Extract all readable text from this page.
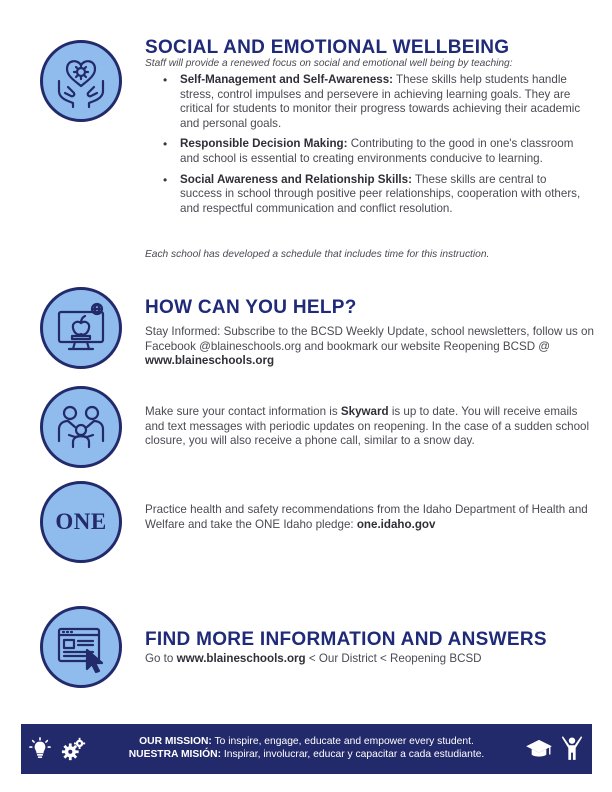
SOCIAL AND EMOTIONAL WELLBEING
Staff will provide a renewed focus on social and emotional well being by teaching:
• Self-Management and Self-Awareness: These skills help students handle stress, control impulses and persevere in achieving learning goals. They are critical for students to monitor their progress towards achieving their academic and personal goals.
• Responsible Decision Making: Contributing to the good in one's classroom and school is essential to creating environments conducive to learning.
• Social Awareness and Relationship Skills: These skills are central to success in school through positive peer relationships, cooperation with others, and respectful communication and conflict resolution.
Each school has developed a schedule that includes time for this instruction.
HOW CAN YOU HELP?
Stay Informed: Subscribe to the BCSD Weekly Update, school newsletters, follow us on Facebook @blaineschools.org and bookmark our website Reopening BCSD @ www.blaineschools.org
Make sure your contact information is Skyward is up to date. You will receive emails and text messages with periodic updates on reopening. In the case of a sudden school closure, you will also receive a phone call, similar to a snow day.
ONE	Practice health and safety recommendations from the Idaho Department of Health and Welfare and take the ONE Idaho pledge: one.idaho.gov
FIND MORE INFORMATION AND ANSWERS
Go to www.blaineschools.org < Our District < Reopening BCSD
OUR MISSION: To inspire, engage, educate and empower every student.
NUESTRA MISIÓN: Inspirar, involucrar, educar y capacitar a cada estudiante.
